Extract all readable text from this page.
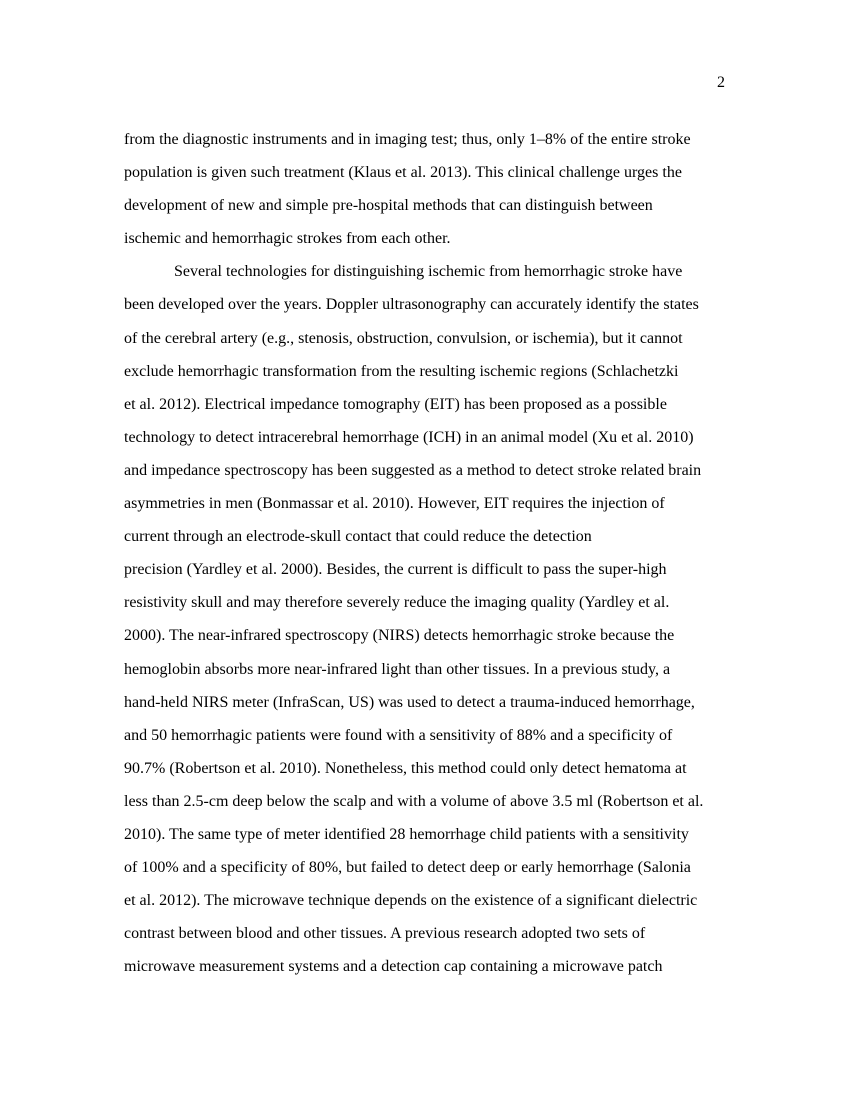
2
from the diagnostic instruments and in imaging test; thus, only 1–8% of the entire stroke
population is given such treatment (Klaus et al. 2013). This clinical challenge urges the
development of new and simple pre-hospital methods that can distinguish between
ischemic and hemorrhagic strokes from each other.
Several technologies for distinguishing ischemic from hemorrhagic stroke have
been developed over the years. Doppler ultrasonography can accurately identify the states
of the cerebral artery (e.g., stenosis, obstruction, convulsion, or ischemia), but it cannot
exclude hemorrhagic transformation from the resulting ischemic regions (Schlachetzki
et al. 2012). Electrical impedance tomography (EIT) has been proposed as a possible
technology to detect intracerebral hemorrhage (ICH) in an animal model (Xu et al. 2010)
and impedance spectroscopy has been suggested as a method to detect stroke related brain
asymmetries in men (Bonmassar et al. 2010). However, EIT requires the injection of
current through an electrode-skull contact that could reduce the detection
precision (Yardley et al. 2000). Besides, the current is difficult to pass the super-high
resistivity skull and may therefore severely reduce the imaging quality (Yardley et al.
2000). The near-infrared spectroscopy (NIRS) detects hemorrhagic stroke because the
hemoglobin absorbs more near-infrared light than other tissues. In a previous study, a
hand-held NIRS meter (InfraScan, US) was used to detect a trauma-induced hemorrhage,
and 50 hemorrhagic patients were found with a sensitivity of 88% and a specificity of
90.7% (Robertson et al. 2010). Nonetheless, this method could only detect hematoma at
less than 2.5-cm deep below the scalp and with a volume of above 3.5 ml (Robertson et al.
2010). The same type of meter identified 28 hemorrhage child patients with a sensitivity
of 100% and a specificity of 80%, but failed to detect deep or early hemorrhage (Salonia
et al. 2012). The microwave technique depends on the existence of a significant dielectric
contrast between blood and other tissues. A previous research adopted two sets of
microwave measurement systems and a detection cap containing a microwave patch
